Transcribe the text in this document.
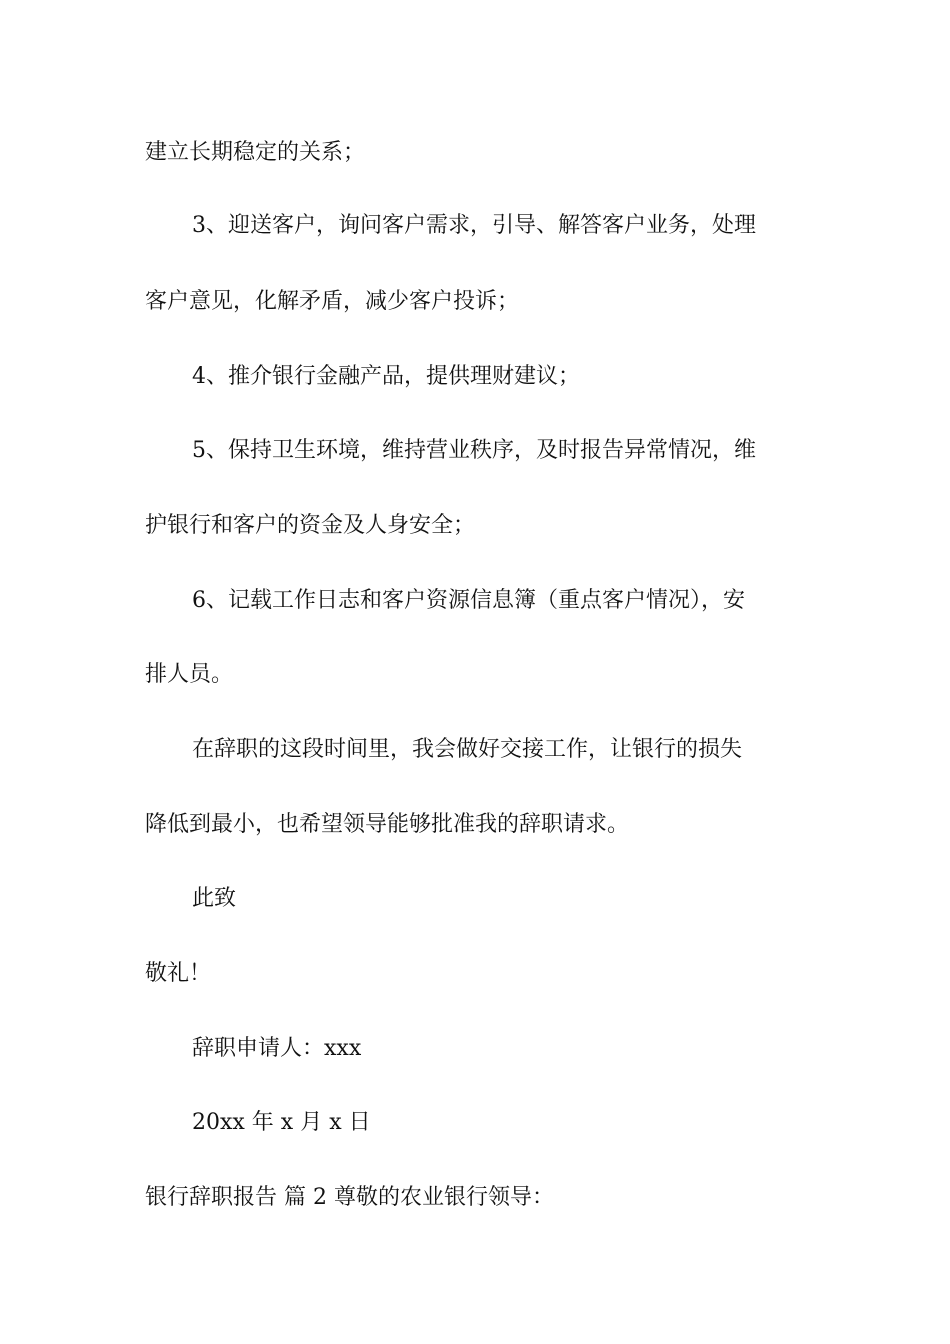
建立长期稳定的关系；
3、迎送客户，询问客户需求，引导、解答客户业务，处理
客户意见，化解矛盾，减少客户投诉；
4、推介银行金融产品，提供理财建议；
5、保持卫生环境，维持营业秩序，及时报告异常情况，维
护银行和客户的资金及人身安全；
6、记载工作日志和客户资源信息簿（重点客户情况），安
排人员。
在辞职的这段时间里，我会做好交接工作，让银行的损失
降低到最小，也希望领导能够批准我的辞职请求。
此致
敬礼！
辞职申请人：xxx
20xx 年 x 月 x 日
银行辞职报告 篇 2 尊敬的农业银行领导：
